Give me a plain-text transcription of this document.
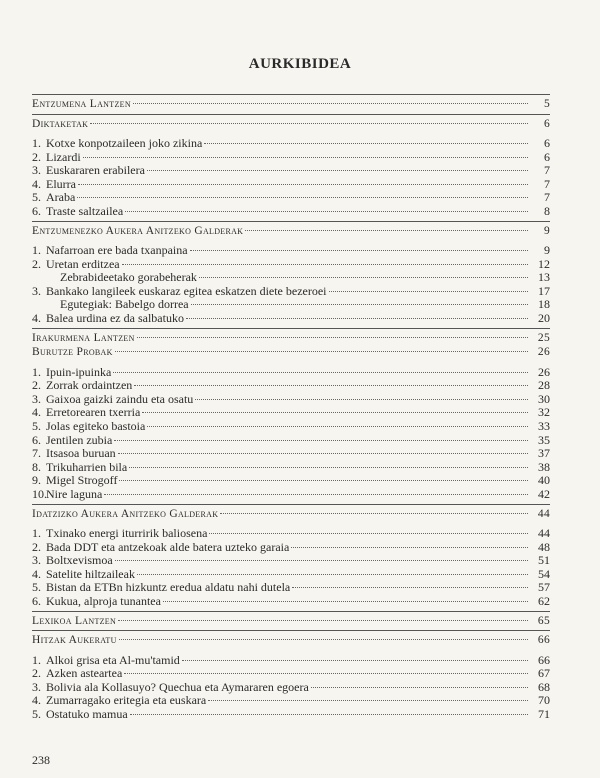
AURKIBIDEA
Entzumena Lantzen	5
Diktaketak	6
1. Kotxe konpotzaileen joko zikina	6
2. Lizardi	6
3. Euskararen erabilera	7
4. Elurra	7
5. Araba	7
6. Traste saltzailea	8
Entzumenezko Aukera Anitzeko Galderak	9
1. Nafarroan ere bada txanpaina	9
2. Uretan erditzea	12
Zebrabideetako gorabeherak	13
3. Bankako langileek euskaraz egitea eskatzen diete bezeroei	17
Egutegiak: Babelgo dorrea	18
4. Balea urdina ez da salbatuko	20
Irakurmena Lantzen	25
Burutze Probak	26
1. Ipuin-ipuinka	26
2. Zorrak ordaintzen	28
3. Gaixoa gaizki zaindu eta osatu	30
4. Erretorearen txerria	32
5. Jolas egiteko bastoia	33
6. Jentilen zubia	35
7. Itsasoa buruan	37
8. Trikuharrien bila	38
9. Migel Strogoff	40
10. Nire laguna	42
Idatzizko Aukera Anitzeko Galderak	44
1. Txinako energi iturririk baliosena	44
2. Bada DDT eta antzekoak alde batera uzteko garaia	48
3. Boltxevismoa	51
4. Satelite hiltzaileak	54
5. Bistan da ETBn hizkuntz eredua aldatu nahi dutela	57
6. Kukua, alproja tunantea	62
Lexikoa Lantzen	65
Hitzak Aukeratu	66
1. Alkoi grisa eta Al-mu'tamid	66
2. Azken asteartea	67
3. Bolivia ala Kollasuyo? Quechua eta Aymararen egoera	68
4. Zumarragako eritegia eta euskara	70
5. Ostatuko mamua	71
238
